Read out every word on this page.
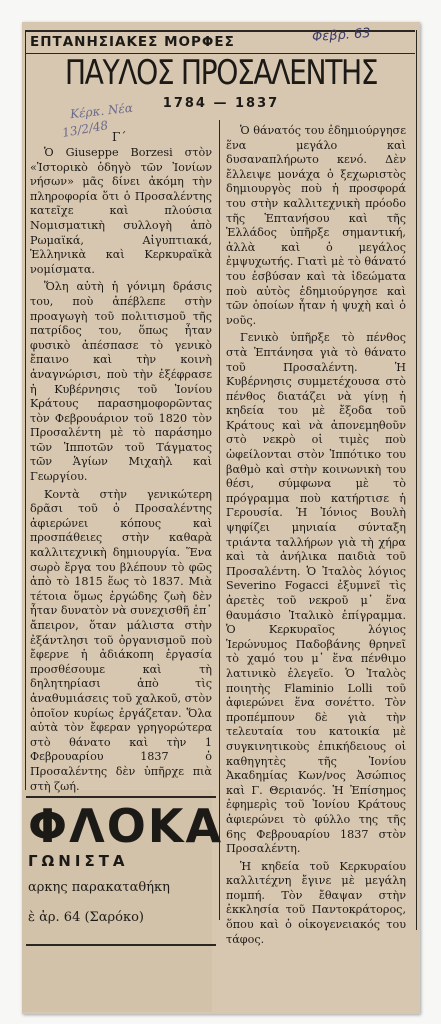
ΕΠΤΑΝΗΣΙΑΚΕΣ ΜΟΡΦΕΣ	Φεβρ. 63
ΠΑΥΛΟΣ ΠΡΟΣΑΛΕΝΤΗΣ
1784 — 1837
Κέρκ. Νέα
13/2/48 Γ΄

Ὁ Giuseppe Borzesi στὸν «Ἱστορικὸ ὁδηγὸ τῶν Ἰονίων νήσων» μᾶς δίνει ἀκόμη τὴν πληροφορία ὅτι ὁ Προσαλέντης κατεῖχε καὶ πλούσια Νομισματικὴ συλλογὴ ἀπὸ Ρωμαϊκά, Αἰγυπτιακά, Ἑλληνικὰ καὶ Κερκυραϊκὰ νομίσματα.

Ὅλη αὐτὴ ἡ γόνιμη δράσις του, ποὺ ἀπέβλεπε στὴν προαγωγὴ τοῦ πολιτισμοῦ τῆς πατρίδος του, ὅπως ἦταν φυσικὸ ἀπέσπασε τὸ γενικὸ ἔπαινο καὶ τὴν κοινὴ ἀναγνώρισι, ποὺ τὴν ἐξέφρασε ἡ Κυβέρνησις τοῦ Ἰονίου Κράτους παρασημοφορῶντας τὸν Φεβρουάριον τοῦ 1820 τὸν Προσαλέντη μὲ τὸ παράσημο τῶν Ἱπποτῶν τοῦ Τάγματος τῶν Ἁγίων Μιχαὴλ καὶ Γεωργίου.

Κοντὰ στὴν γενικώτερη δρᾶσι τοῦ ὁ Προσαλέντης ἀφιερώνει κόπους καὶ προσπάθειες στὴν καθαρὰ καλλιτεχνικὴ δημιουργία. Ἕνα σωρὸ ἔργα του βλέπουν τὸ φῶς ἀπὸ τὸ 1815 ἕως τὸ 1837. Μιὰ τέτοια ὅμως ἐργώδης ζωὴ δὲν ἦταν δυνατὸν νὰ συνεχισθῆ ἐπ᾽ ἄπειρον, ὅταν μάλιστα στὴν ἐξάντλησι τοῦ ὀργανισμοῦ ποὺ ἔφερνε ἡ ἀδιάκοπη ἐργασία προσθέσουμε καὶ τὴ δηλητηρίασι ἀπὸ τὶς ἀναθυμιάσεις τοῦ χαλκοῦ, στὸν ὁποῖον κυρίως ἐργάζεταν. Ὅλα αὐτὰ τὸν ἔφεραν γρηγορώτερα στὸ θάνατο καὶ τὴν 1 Φεβρουαρίου 1837 ὁ Προσαλέντης δὲν ὑπῆρχε πιὰ στὴ ζωή.

Ὁ θάνατός του ἐδημιούργησε ἕνα μεγάλο καὶ δυσαναπλήρωτο κενό. Δὲν ἔλλειψε μονάχα ὁ ξεχωριστὸς δημιουργὸς ποὺ ἡ προσφορά του στὴν καλλιτεχνικὴ πρόοδο τῆς Ἑπτανήσου καὶ τῆς Ἑλλάδος ὑπῆρξε σημαντική, ἀλλὰ καὶ ὁ μεγάλος ἐμψυχωτής. Γιατὶ μὲ τὸ θάνατό του ἐσβύσαν καὶ τὰ ἰδεώματα ποὺ αὐτὸς ἐδημιούργησε καὶ τῶν ὁποίων ἦταν ἡ ψυχὴ καὶ ὁ νοῦς.

Γενικὸ ὑπῆρξε τὸ πένθος στὰ Ἑπτάνησα γιὰ τὸ θάνατο τοῦ Προσαλέντη. Ἡ Κυβέρνησις συμμετέχουσα στὸ πένθος διατάζει νὰ γίνῃ ἡ κηδεία του μὲ ἔξοδα τοῦ Κράτους καὶ νὰ ἀπονεμηθοῦν στὸ νεκρὸ οἱ τιμὲς ποὺ ὠφείλονται στὸν Ἱππότικο του βαθμὸ καὶ στὴν κοινωνικὴ του θέσι, σύμφωνα μὲ τὸ πρόγραμμα ποὺ κατήρτισε ἡ Γερουσία. Ἡ Ἰόνιος Βουλὴ ψηφίζει μηνιαία σύνταξη τριάντα ταλλήρων γιὰ τὴ χήρα καὶ τὰ ἀνήλικα παιδιὰ τοῦ Προσαλέντη. Ὁ Ἰταλὸς λόγιος Severino Fogacci ἐξυμνεῖ τὶς ἀρετὲς τοῦ νεκροῦ μ᾽ ἕνα θαυμάσιο Ἰταλικὸ ἐπίγραμμα. Ὁ Κερκυραῖος λόγιος Ἱερώνυμος Παδοβάνης θρηνεῖ τὸ χαμό του μ᾽ ἕνα πένθιμο λατινικὸ ἐλεγεῖο. Ὁ Ἰταλὸς ποιητὴς Flaminio Lolli τοῦ ἀφιερώνει ἕνα σονέττο. Τὸν προπέμπουν δὲ γιὰ τὴν τελευταία του κατοικία μὲ συγκινητικοὺς ἐπικήδειους οἱ καθηγητὲς τῆς Ἰονίου Ἀκαδημίας Κων/νος Ἀσώπιος καὶ Γ. Θεριανός. Ἡ Ἐπίσημος ἐφημερὶς τοῦ Ἰονίου Κράτους ἀφιερώνει τὸ φύλλο της τῆς 6ης Φεβρουαρίου 1837 στὸν Προσαλέντη.

Ἡ κηδεία τοῦ Κερκυραίου καλλιτέχνη ἔγινε μὲ μεγάλη πομπή. Τὸν ἔθαψαν στὴν ἐκκλησία τοῦ Παντοκράτορος, ὅπου καὶ ὁ οἰκογενειακός του τάφος.

ΦΛΟΚΑ
ΓΩΝΙΣΤΑ
αρκης παρακαταθήκη
ὲ ἀρ. 64 (Σαρόκο)
